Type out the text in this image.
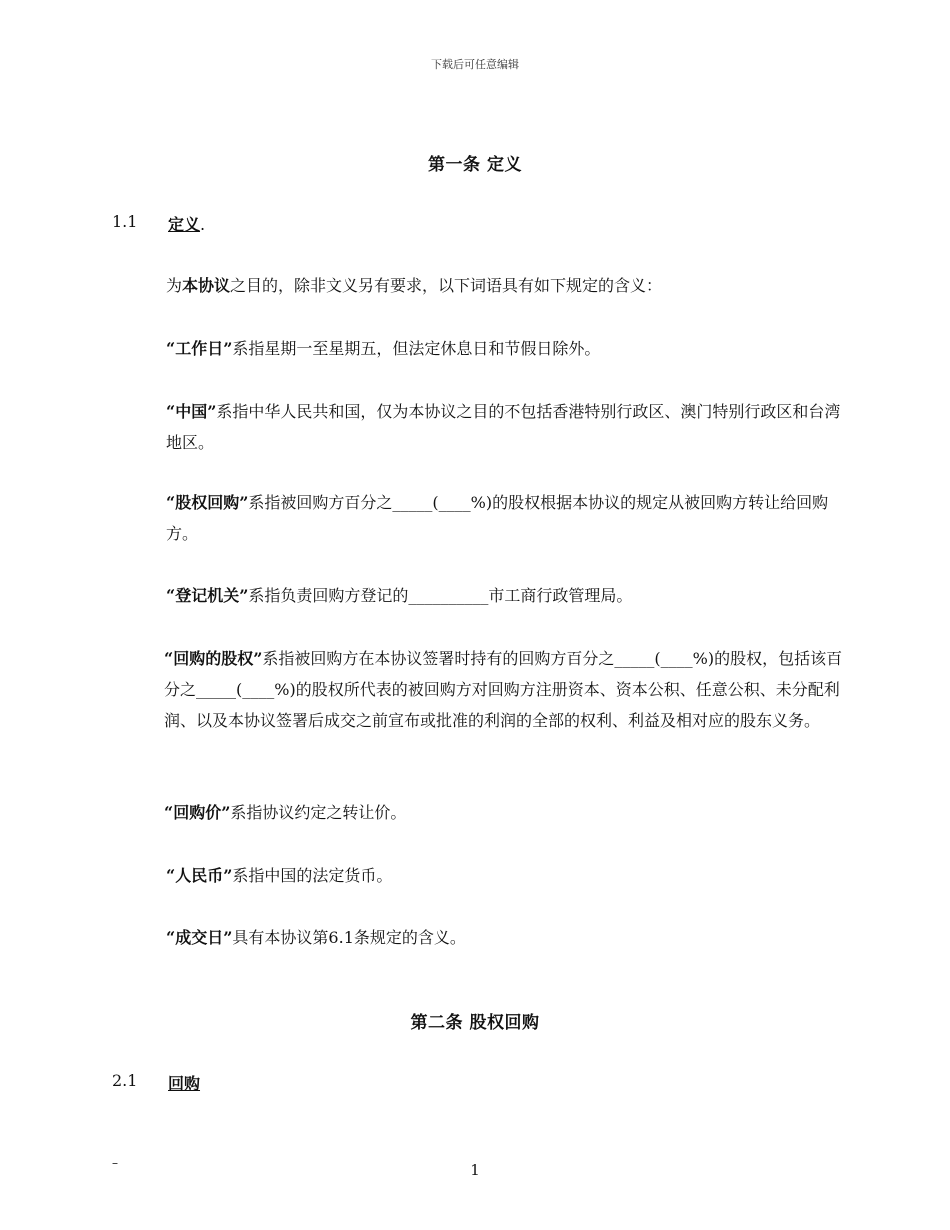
下载后可任意编辑
第一条 定义
1.1 定义.
为本协议之目的，除非文义另有要求，以下词语具有如下规定的含义：
“工作日”系指星期一至星期五，但法定休息日和节假日除外。
“中国”系指中华人民共和国，仅为本协议之目的不包括香港特别行政区、澳门特别行政区和台湾地区。
“股权回购”系指被回购方百分之_____(____%)的股权根据本协议的规定从被回购方转让给回购方。
“登记机关”系指负责回购方登记的__________市工商行政管理局。
“回购的股权”系指被回购方在本协议签署时持有的回购方百分之_____(____%)的股权，包括该百分之_____(____%)的股权所代表的被回购方对回购方注册资本、资本公积、任意公积、未分配利润、以及本协议签署后成交之前宣布或批准的利润的全部的权利、利益及相对应的股东义务。
“回购价”系指协议约定之转让价。
“人民币”系指中国的法定货币。
“成交日”具有本协议第6.1条规定的含义。
第二条 股权回购
2.1 回购
–	1
